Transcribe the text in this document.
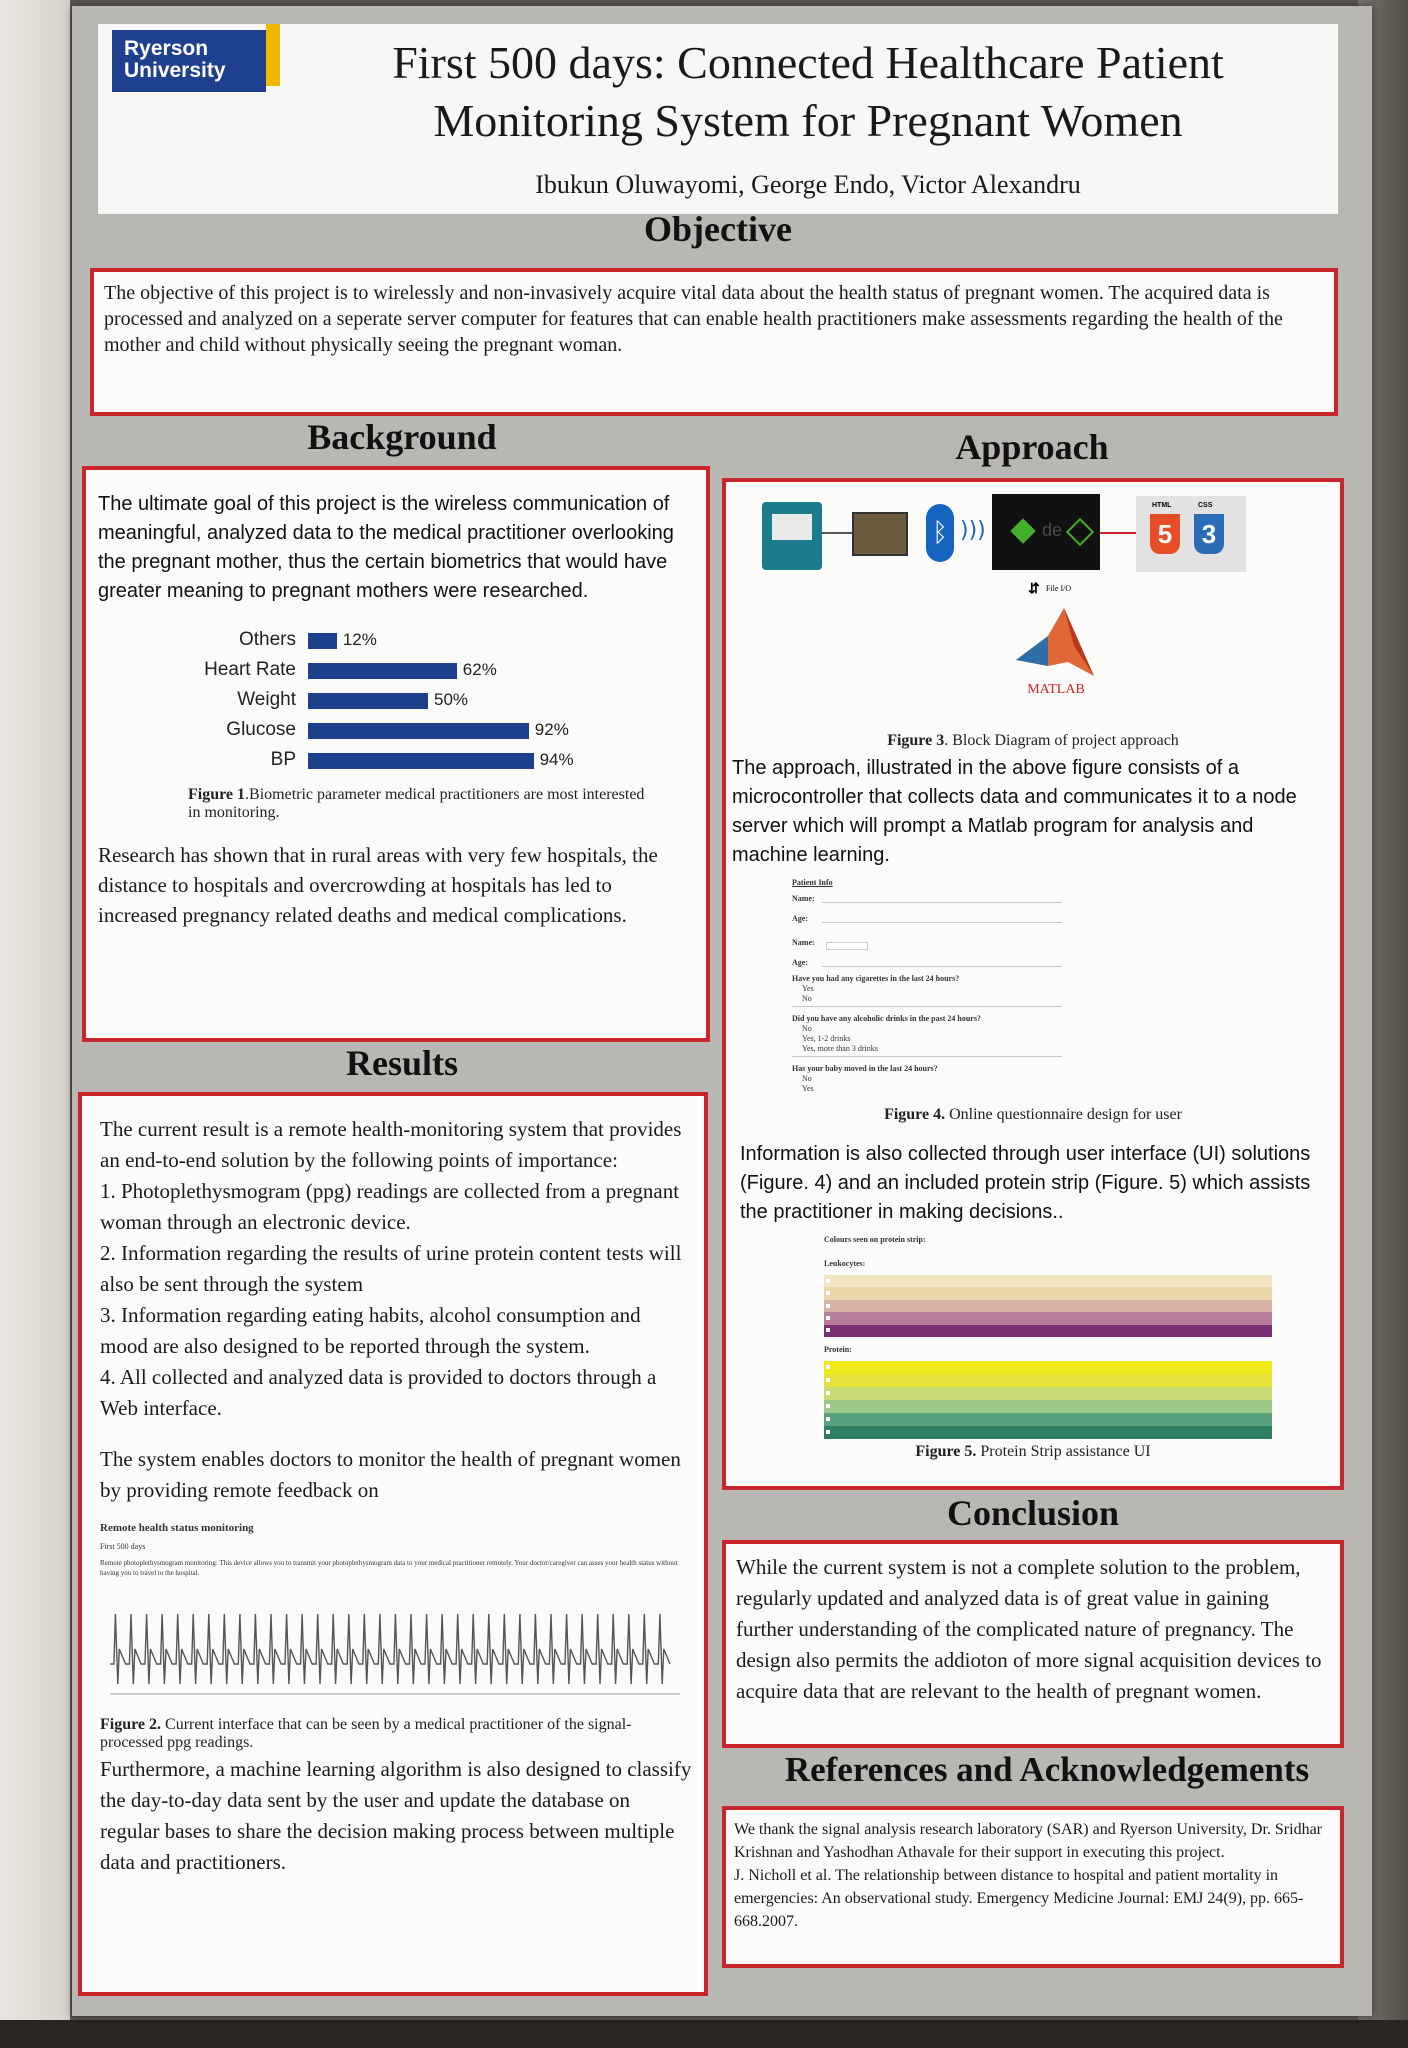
Ryerson
University	First 500 days: Connected Healthcare Patient
Monitoring System for Pregnant Women
Ibukun Oluwayomi, George Endo, Victor Alexandru
Objective

The objective of this project is to wirelessly and non-invasively acquire vital data about the health status of pregnant women. The acquired data is processed and analyzed on a seperate server computer for features that can enable health practitioners make assessments regarding the health of the mother and child without physically seeing the pregnant woman.

Background

The ultimate goal of this project is the wireless communication of meaningful, analyzed data to the medical practitioner overlooking the pregnant mother, thus the certain biometrics that would have greater meaning to pregnant mothers were researched.

Others	12%
Heart Rate	62%
Weight	50%
Glucose	92%
BP	94%

Figure 1.Biometric parameter medical practitioners are most interested in monitoring.

Research has shown that in rural areas with very few hospitals, the distance to hospitals and overcrowding at hospitals has led to increased pregnancy related deaths and medical complications.

Results

The current result is a remote health-monitoring system that provides an end-to-end solution by the following points of importance:

1. Photoplethysmogram (ppg) readings are collected from a pregnant woman through an electronic device.

2. Information regarding the results of urine protein content tests will also be sent through the system

3. Information regarding eating habits, alcohol consumption and mood are also designed to be reported through the system.

4. All collected and analyzed data is provided to doctors through a Web interface.

The system enables doctors to monitor the health of pregnant women by providing remote feedback on

Remote health status monitoring
First 500 days
Remote photoplethysmogram monitoring: This device allows you to transmit your photoplethysmogram data to your medical practitioner remotely. Your doctor/caregiver can asses your health status without having you to travel to the hospital.

Figure 2. Current interface that can be seen by a medical practitioner of the signal-processed ppg readings.

Furthermore, a machine learning algorithm is also designed to classify the day-to-day data sent by the user and update the database on regular bases to share the decision making process between multiple data and practitioners.

Approach
ᛒ )))	de
HTML	CSS
5 3
⇵ File I/O
MATLAB

Figure 3. Block Diagram of project approach

The approach, illustrated in the above figure consists of a microcontroller that collects data and communicates it to a node server which will prompt a Matlab program for analysis and machine learning.

Patient Info
Name:
Age:
Name:
Age:
Have you had any cigarettes in the last 24 hours?
Yes
No
Did you have any alcoholic drinks in the past 24 hours?
No
Yes, 1-2 drinks
Yes, more than 3 drinks
Has your baby moved in the last 24 hours?
No
Yes

Figure 4. Online questionnaire design for user

Information is also collected through user interface (UI) solutions (Figure. 4) and an included protein strip (Figure. 5) which assists the practitioner in making decisions..

Colours seen on protein strip:
Leukocytes:
Protein:

Figure 5. Protein Strip assistance UI

Conclusion

While the current system is not a complete solution to the problem, regularly updated and analyzed data is of great value in gaining further understanding of the complicated nature of pregnancy. The design also permits the addioton of more signal acquisition devices to acquire data that are relevant to the health of pregnant women.

References and Acknowledgements

We thank the signal analysis research laboratory (SAR) and Ryerson University, Dr. Sridhar Krishnan and Yashodhan Athavale for their support in executing this project.

J. Nicholl et al. The relationship between distance to hospital and patient mortality in emergencies: An observational study. Emergency Medicine Journal: EMJ 24(9), pp. 665-668.2007.
